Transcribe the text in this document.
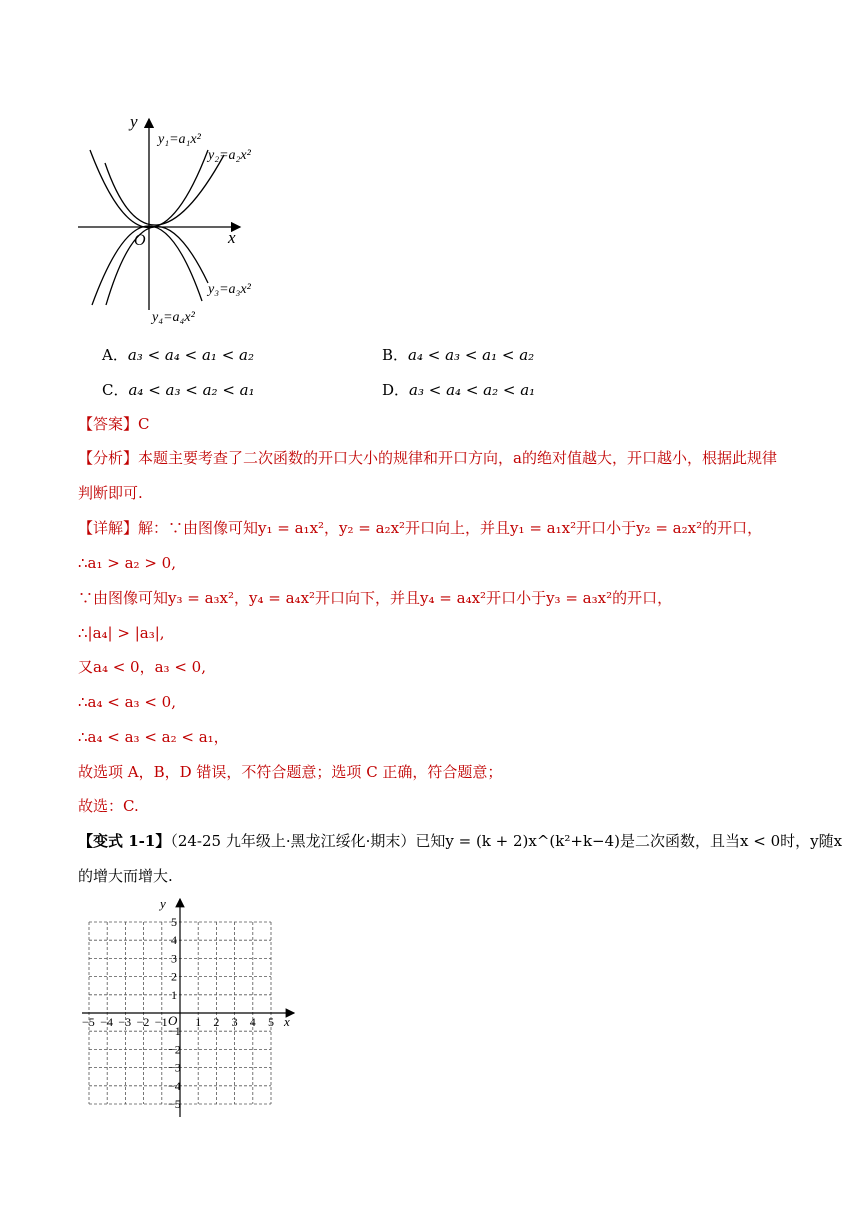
y
x
O
y₁=a₁x²
y₂=a₂x²
y₃=a₃x²
y₄=a₄x²
A．a₃ < a₄ < a₁ < a₂	B．a₄ < a₃ < a₁ < a₂
C．a₄ < a₃ < a₂ < a₁	D．a₃ < a₄ < a₂ < a₁
【答案】C
【分析】本题主要考查了二次函数的开口大小的规律和开口方向，a的绝对值越大，开口越小，根据此规律
判断即可.
【详解】解：∵由图像可知y₁ = a₁x²，y₂ = a₂x²开口向上，并且y₁ = a₁x²开口小于y₂ = a₂x²的开口，
∴a₁ > a₂ > 0,
∵由图像可知y₃ = a₃x²，y₄ = a₄x²开口向下，并且y₄ = a₄x²开口小于y₃ = a₃x²的开口，
∴|a₄| > |a₃|,
又a₄ < 0，a₃ < 0,
∴a₄ < a₃ < 0,
∴a₄ < a₃ < a₂ < a₁，
故选项 A，B，D 错误，不符合题意；选项 C 正确，符合题意；
故选：C.
【变式 1-1】（24-25 九年级上·黑龙江绥化·期末）已知y = (k + 2)x^(k²+k−4)是二次函数，且当x < 0时，y随x
的增大而增大.
−5 −4 −3 −2 −1 1 2 3 4 5
5
4
3
2
1
−1
−2
−3
−4
−5
x
y
O
